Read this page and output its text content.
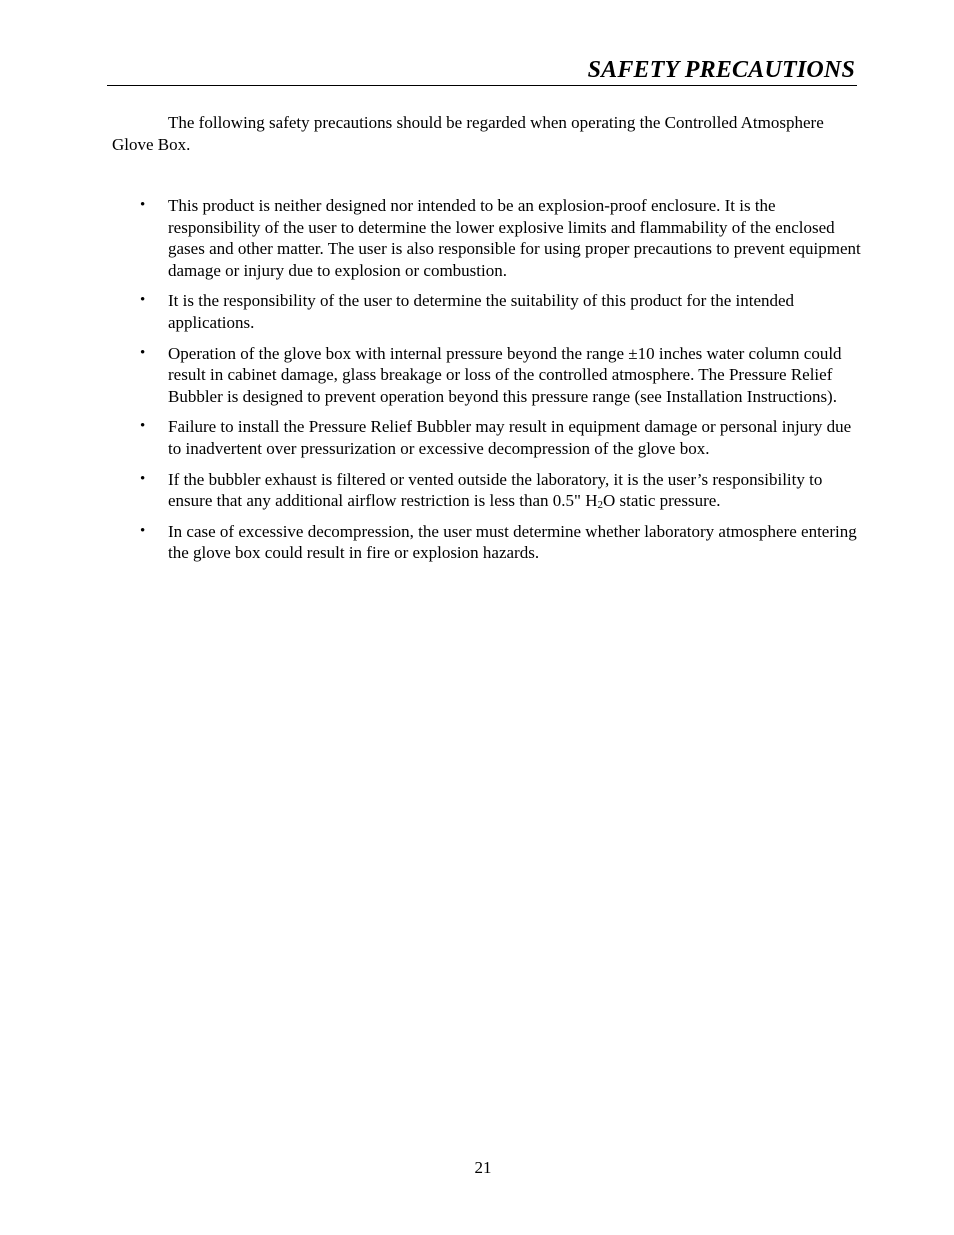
SAFETY PRECAUTIONS

The following safety precautions should be regarded when operating the Controlled Atmosphere Glove Box.

• This product is neither designed nor intended to be an explosion-proof enclosure. It is the responsibility of the user to determine the lower explosive limits and flammability of the enclosed gases and other matter. The user is also responsible for using proper precautions to prevent equipment damage or injury due to explosion or combustion.
• It is the responsibility of the user to determine the suitability of this product for the intended applications.
• Operation of the glove box with internal pressure beyond the range ±10 inches water column could result in cabinet damage, glass breakage or loss of the controlled atmosphere. The Pressure Relief Bubbler is designed to prevent operation beyond this pressure range (see Installation Instructions).
• Failure to install the Pressure Relief Bubbler may result in equipment damage or personal injury due to inadvertent over pressurization or excessive decompression of the glove box.
• If the bubbler exhaust is filtered or vented outside the laboratory, it is the user’s responsibility to ensure that any additional airflow restriction is less than 0.5" $H_2O$ static pressure.
• In case of excessive decompression, the user must determine whether laboratory atmosphere entering the glove box could result in fire or explosion hazards.
21
